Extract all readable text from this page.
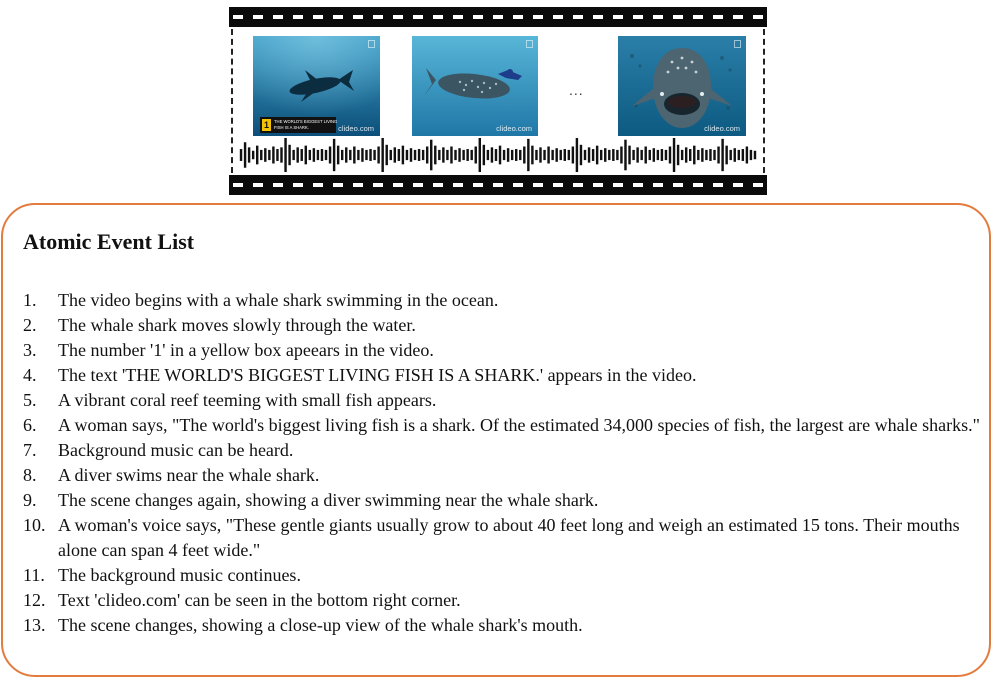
1	THE WORLD'S BIGGEST LIVING
FISH IS A SHARK.	clideo.com	clideo.com
...
clideo.com
Atomic Event List
1.	The video begins with a whale shark swimming in the ocean.

2.	The whale shark moves slowly through the water.

3.	The number '1' in a yellow box apeears in the video.

4.	The text 'THE WORLD'S BIGGEST LIVING FISH IS A SHARK.' appears in the video.

5.	A vibrant coral reef teeming with small fish appears.

6.	A woman says, "The world's biggest living fish is a shark. Of the estimated 34,000 species of fish, the largest are whale sharks."

7.	Background music can be heard.

8.	A diver swims near the whale shark.

9.	The scene changes again, showing a diver swimming near the whale shark.

10. A woman's voice says, "These gentle giants usually grow to about 40 feet long and weigh an estimated 15 tons. Their mouths alone can span 4 feet wide."

11. The background music continues.

12. Text 'clideo.com' can be seen in the bottom right corner.

13. The scene changes, showing a close-up view of the whale shark's mouth.
